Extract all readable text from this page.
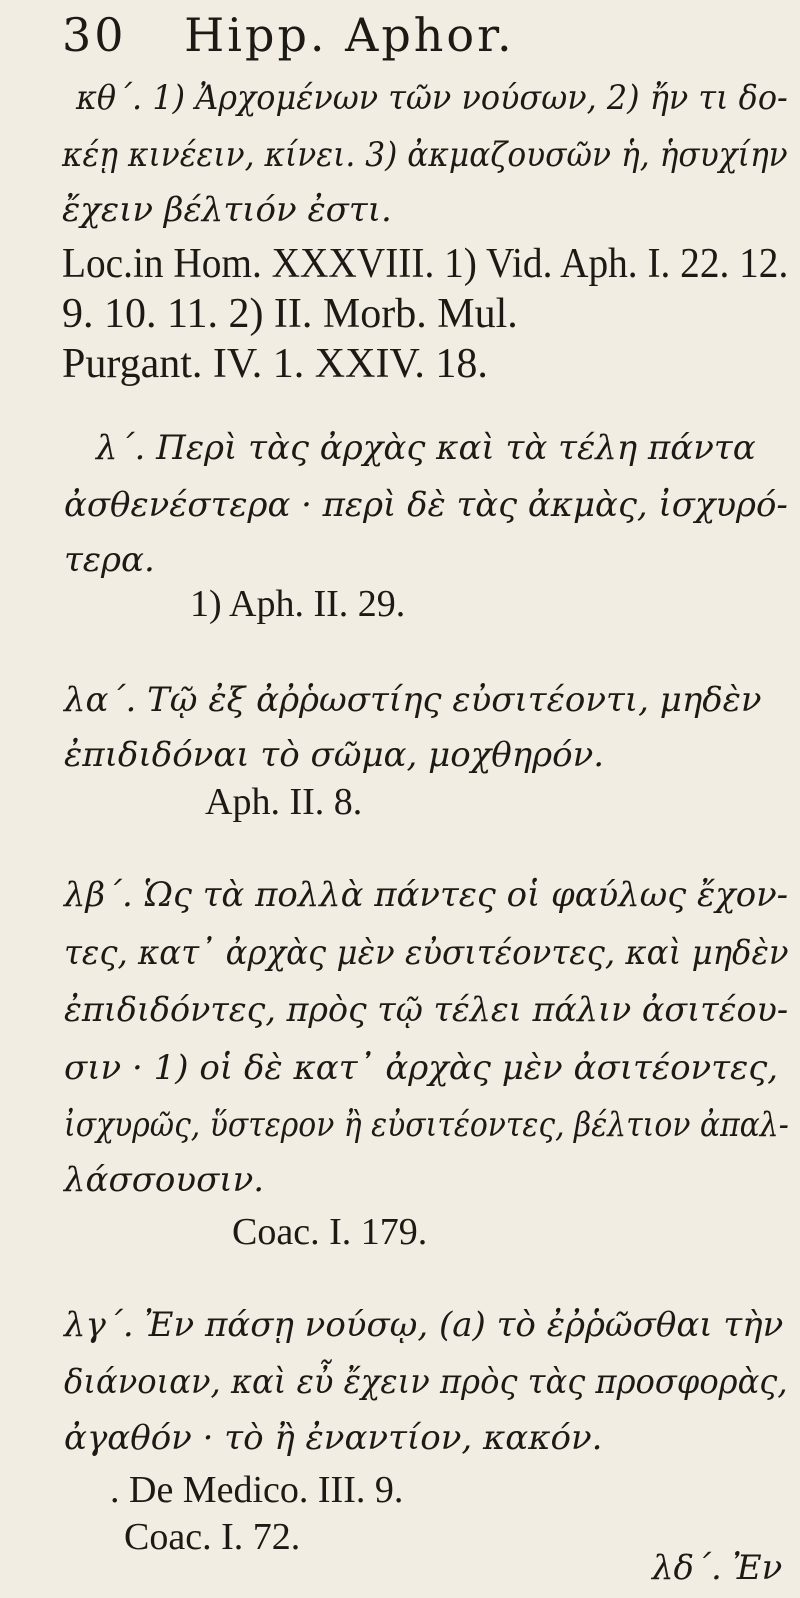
30 Hipp. Aphor.
κθ΄. 1) Ἀρχομένων τῶν νούσων, 2) ἤν τι δο-
κέῃ κινέειν, κίνει. 3) ἀκμαζουσῶν ἡ, ἡσυχίην
ἔχειν βέλτιόν ἐστι.
Loc.in Hom. XXXVIII. 1) Vid. Aph. I. 22. 12.
9. 10. 11. 2) II. Morb. Mul.
Purgant. IV. 1. XXIV. 18.
λ΄. Περὶ τὰς ἀρχὰς καὶ τὰ τέλη πάντα
ἀσθενέστερα · περὶ δὲ τὰς ἀκμὰς, ἰσχυρό-
τερα.
1) Aph. II. 29.
λα΄. Τῷ ἐξ ἀῤῥωστίης εὐσιτέοντι, μηδὲν
ἐπιδιδόναι τὸ σῶμα, μοχθηρόν.
Aph. II. 8.
λβ΄. Ὡς τὰ πολλὰ πάντες οἱ φαύλως ἔχον-
τες, κατ᾽ ἀρχὰς μὲν εὐσιτέοντες, καὶ μηδὲν
ἐπιδιδόντες, πρὸς τῷ τέλει πάλιν ἀσιτέου-
σιν · 1) οἱ δὲ κατ᾽ ἀρχὰς μὲν ἀσιτέοντες,
ἰσχυρῶς, ὕστερον ἢ εὐσιτέοντες, βέλτιον ἀπαλ-
λάσσουσιν.
Coac. I. 179.
λγ΄. Ἐν πάσῃ νούσῳ, (a) τὸ ἐῤῥῶσθαι τὴν
διάνοιαν, καὶ εὖ ἔχειν πρὸς τὰς προσφορὰς,
ἀγαθόν · τὸ ἢ ἐναντίον, κακόν.
. De Medico. III. 9.
Coac. I. 72.
λδ΄. Ἐν
